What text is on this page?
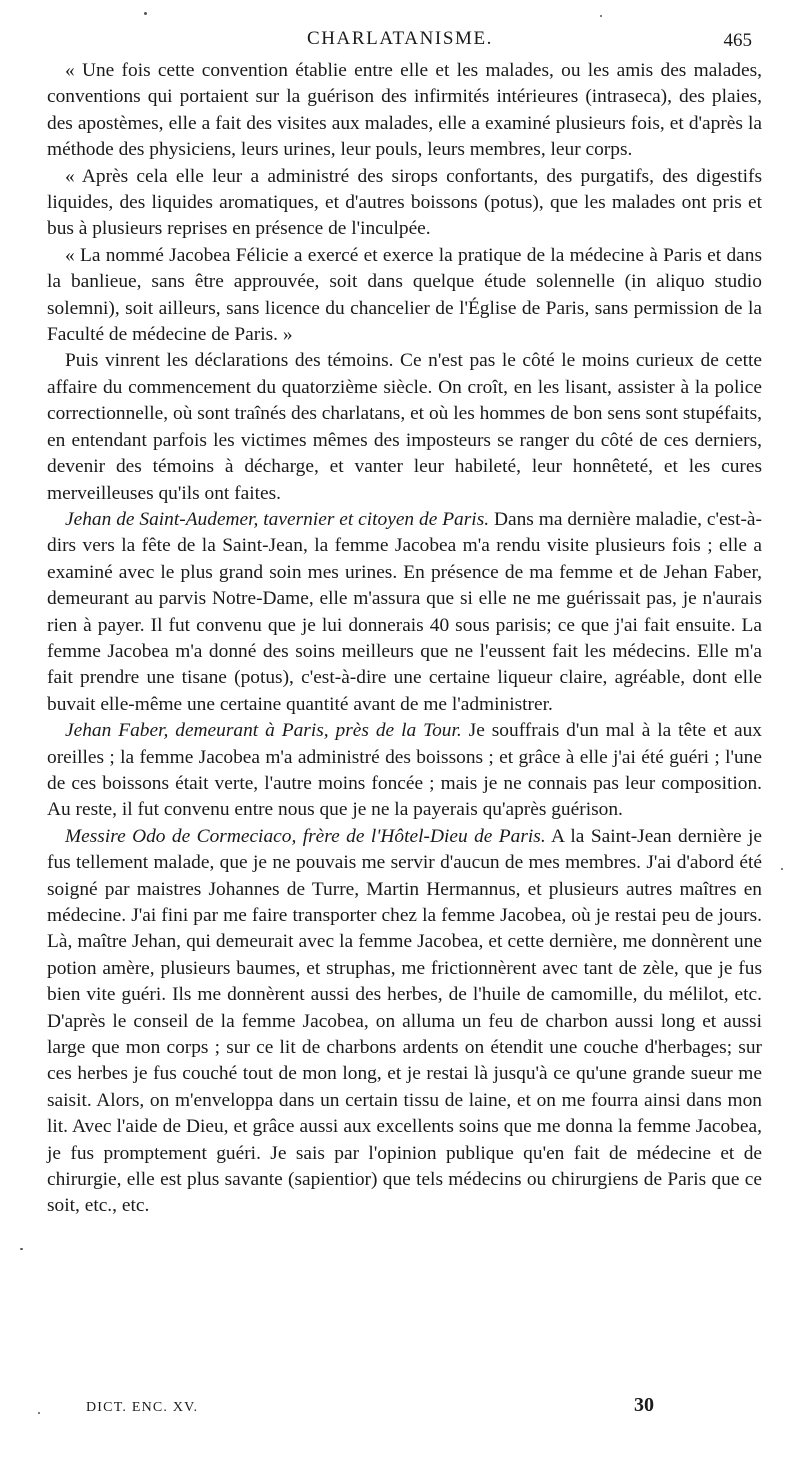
CHARLATANISME.	465

« Une fois cette convention établie entre elle et les malades, ou les amis des malades, conventions qui portaient sur la guérison des infirmités intérieures (intraseca), des plaies, des apostèmes, elle a fait des visites aux malades, elle a examiné plusieurs fois, et d'après la méthode des physiciens, leurs urines, leur pouls, leurs membres, leur corps.

« Après cela elle leur a administré des sirops confortants, des purgatifs, des digestifs liquides, des liquides aromatiques, et d'autres boissons (potus), que les malades ont pris et bus à plusieurs reprises en présence de l'inculpée.

« La nommé Jacobea Félicie a exercé et exerce la pratique de la médecine à Paris et dans la banlieue, sans être approuvée, soit dans quelque étude solennelle (in aliquo studio solemni), soit ailleurs, sans licence du chancelier de l'Église de Paris, sans permission de la Faculté de médecine de Paris. »

Puis vinrent les déclarations des témoins. Ce n'est pas le côté le moins curieux de cette affaire du commencement du quatorzième siècle. On croît, en les lisant, assister à la police correctionnelle, où sont traînés des charlatans, et où les hommes de bon sens sont stupéfaits, en entendant parfois les victimes mêmes des imposteurs se ranger du côté de ces derniers, devenir des témoins à décharge, et vanter leur habileté, leur honnêteté, et les cures merveilleuses qu'ils ont faites.

Jehan de Saint-Audemer, tavernier et citoyen de Paris. Dans ma dernière maladie, c'est-à-dirs vers la fête de la Saint-Jean, la femme Jacobea m'a rendu visite plusieurs fois ; elle a examiné avec le plus grand soin mes urines. En présence de ma femme et de Jehan Faber, demeurant au parvis Notre-Dame, elle m'assura que si elle ne me guérissait pas, je n'aurais rien à payer. Il fut convenu que je lui donnerais 40 sous parisis; ce que j'ai fait ensuite. La femme Jacobea m'a donné des soins meilleurs que ne l'eussent fait les médecins. Elle m'a fait prendre une tisane (potus), c'est-à-dire une certaine liqueur claire, agréable, dont elle buvait elle-même une certaine quantité avant de me l'administrer.

Jehan Faber, demeurant à Paris, près de la Tour. Je souffrais d'un mal à la tête et aux oreilles ; la femme Jacobea m'a administré des boissons ; et grâce à elle j'ai été guéri ; l'une de ces boissons était verte, l'autre moins foncée ; mais je ne connais pas leur composition. Au reste, il fut convenu entre nous que je ne la payerais qu'après guérison.

Messire Odo de Cormeciaco, frère de l'Hôtel-Dieu de Paris. A la Saint-Jean dernière je fus tellement malade, que je ne pouvais me servir d'aucun de mes membres. J'ai d'abord été soigné par maistres Johannes de Turre, Martin Hermannus, et plusieurs autres maîtres en médecine. J'ai fini par me faire transporter chez la femme Jacobea, où je restai peu de jours. Là, maître Jehan, qui demeurait avec la femme Jacobea, et cette dernière, me donnèrent une potion amère, plusieurs baumes, et struphas, me frictionnèrent avec tant de zèle, que je fus bien vite guéri. Ils me donnèrent aussi des herbes, de l'huile de camomille, du mélilot, etc. D'après le conseil de la femme Jacobea, on alluma un feu de charbon aussi long et aussi large que mon corps ; sur ce lit de charbons ardents on étendit une couche d'herbages; sur ces herbes je fus couché tout de mon long, et je restai là jusqu'à ce qu'une grande sueur me saisit. Alors, on m'enveloppa dans un certain tissu de laine, et on me fourra ainsi dans mon lit. Avec l'aide de Dieu, et grâce aussi aux excellents soins que me donna la femme Jacobea, je fus promptement guéri. Je sais par l'opinion publique qu'en fait de médecine et de chirurgie, elle est plus savante (sapientior) que tels médecins ou chirurgiens de Paris que ce soit, etc., etc.

DICT. ENC. XV.	30
